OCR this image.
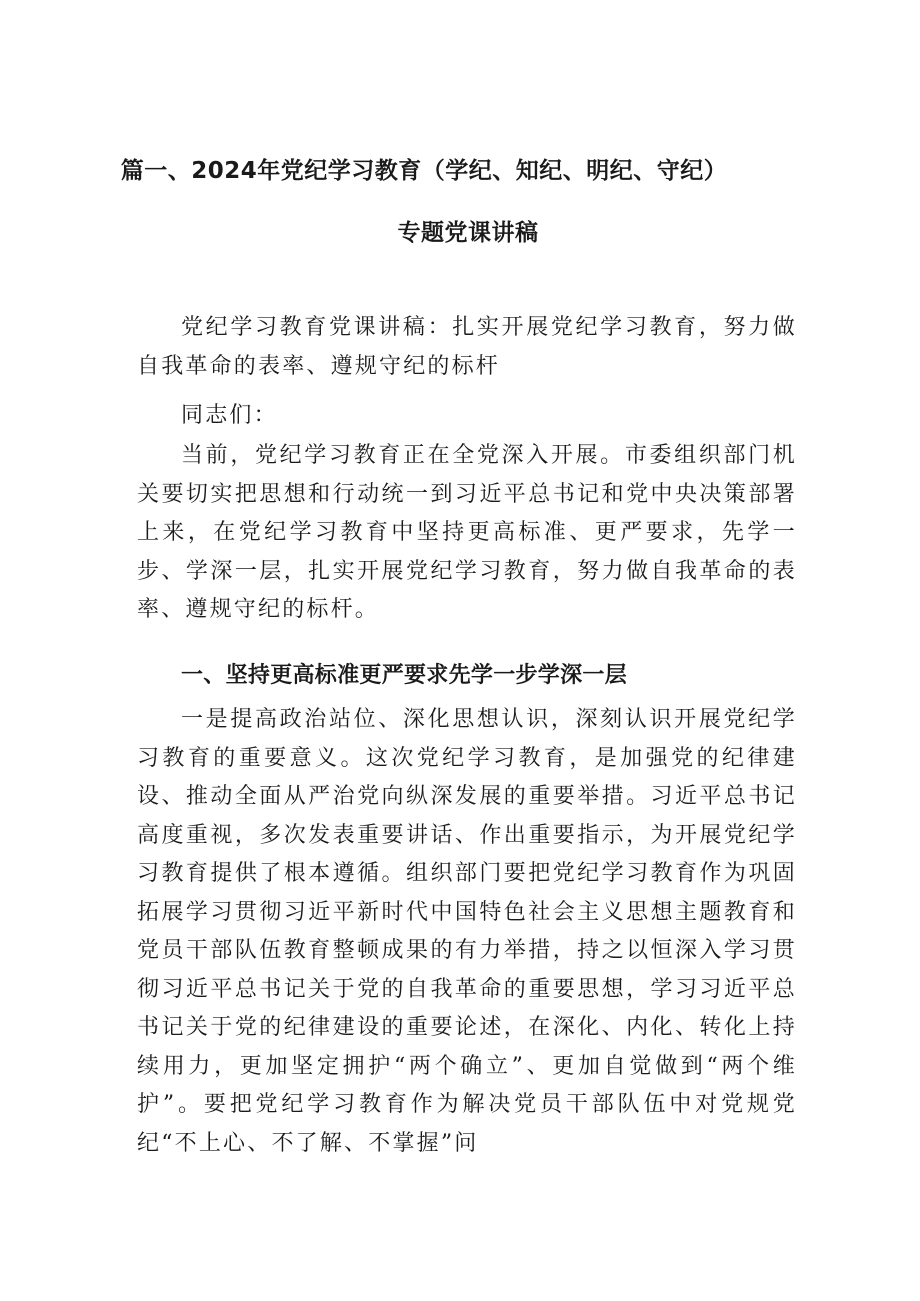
篇一、2024年党纪学习教育（学纪、知纪、明纪、守纪）
专题党课讲稿

党纪学习教育党课讲稿：扎实开展党纪学习教育，努力做自我革命的表率、遵规守纪的标杆

同志们：

当前，党纪学习教育正在全党深入开展。市委组织部门机关要切实把思想和行动统一到习近平总书记和党中央决策部署上来，在党纪学习教育中坚持更高标准、更严要求，先学一步、学深一层，扎实开展党纪学习教育，努力做自我革命的表率、遵规守纪的标杆。

一、坚持更高标准更严要求先学一步学深一层

一是提高政治站位、深化思想认识，深刻认识开展党纪学习教育的重要意义。这次党纪学习教育，是加强党的纪律建设、推动全面从严治党向纵深发展的重要举措。习近平总书记高度重视，多次发表重要讲话、作出重要指示，为开展党纪学习教育提供了根本遵循。组织部门要把党纪学习教育作为巩固拓展学习贯彻习近平新时代中国特色社会主义思想主题教育和党员干部队伍教育整顿成果的有力举措，持之以恒深入学习贯彻习近平总书记关于党的自我革命的重要思想，学习习近平总书记关于党的纪律建设的重要论述，在深化、内化、转化上持续用力，更加坚定拥护“两个确立”、更加自觉做到“两个维护”。要把党纪学习教育作为解决党员干部队伍中对党规党纪“不上心、不了解、不掌握”问
